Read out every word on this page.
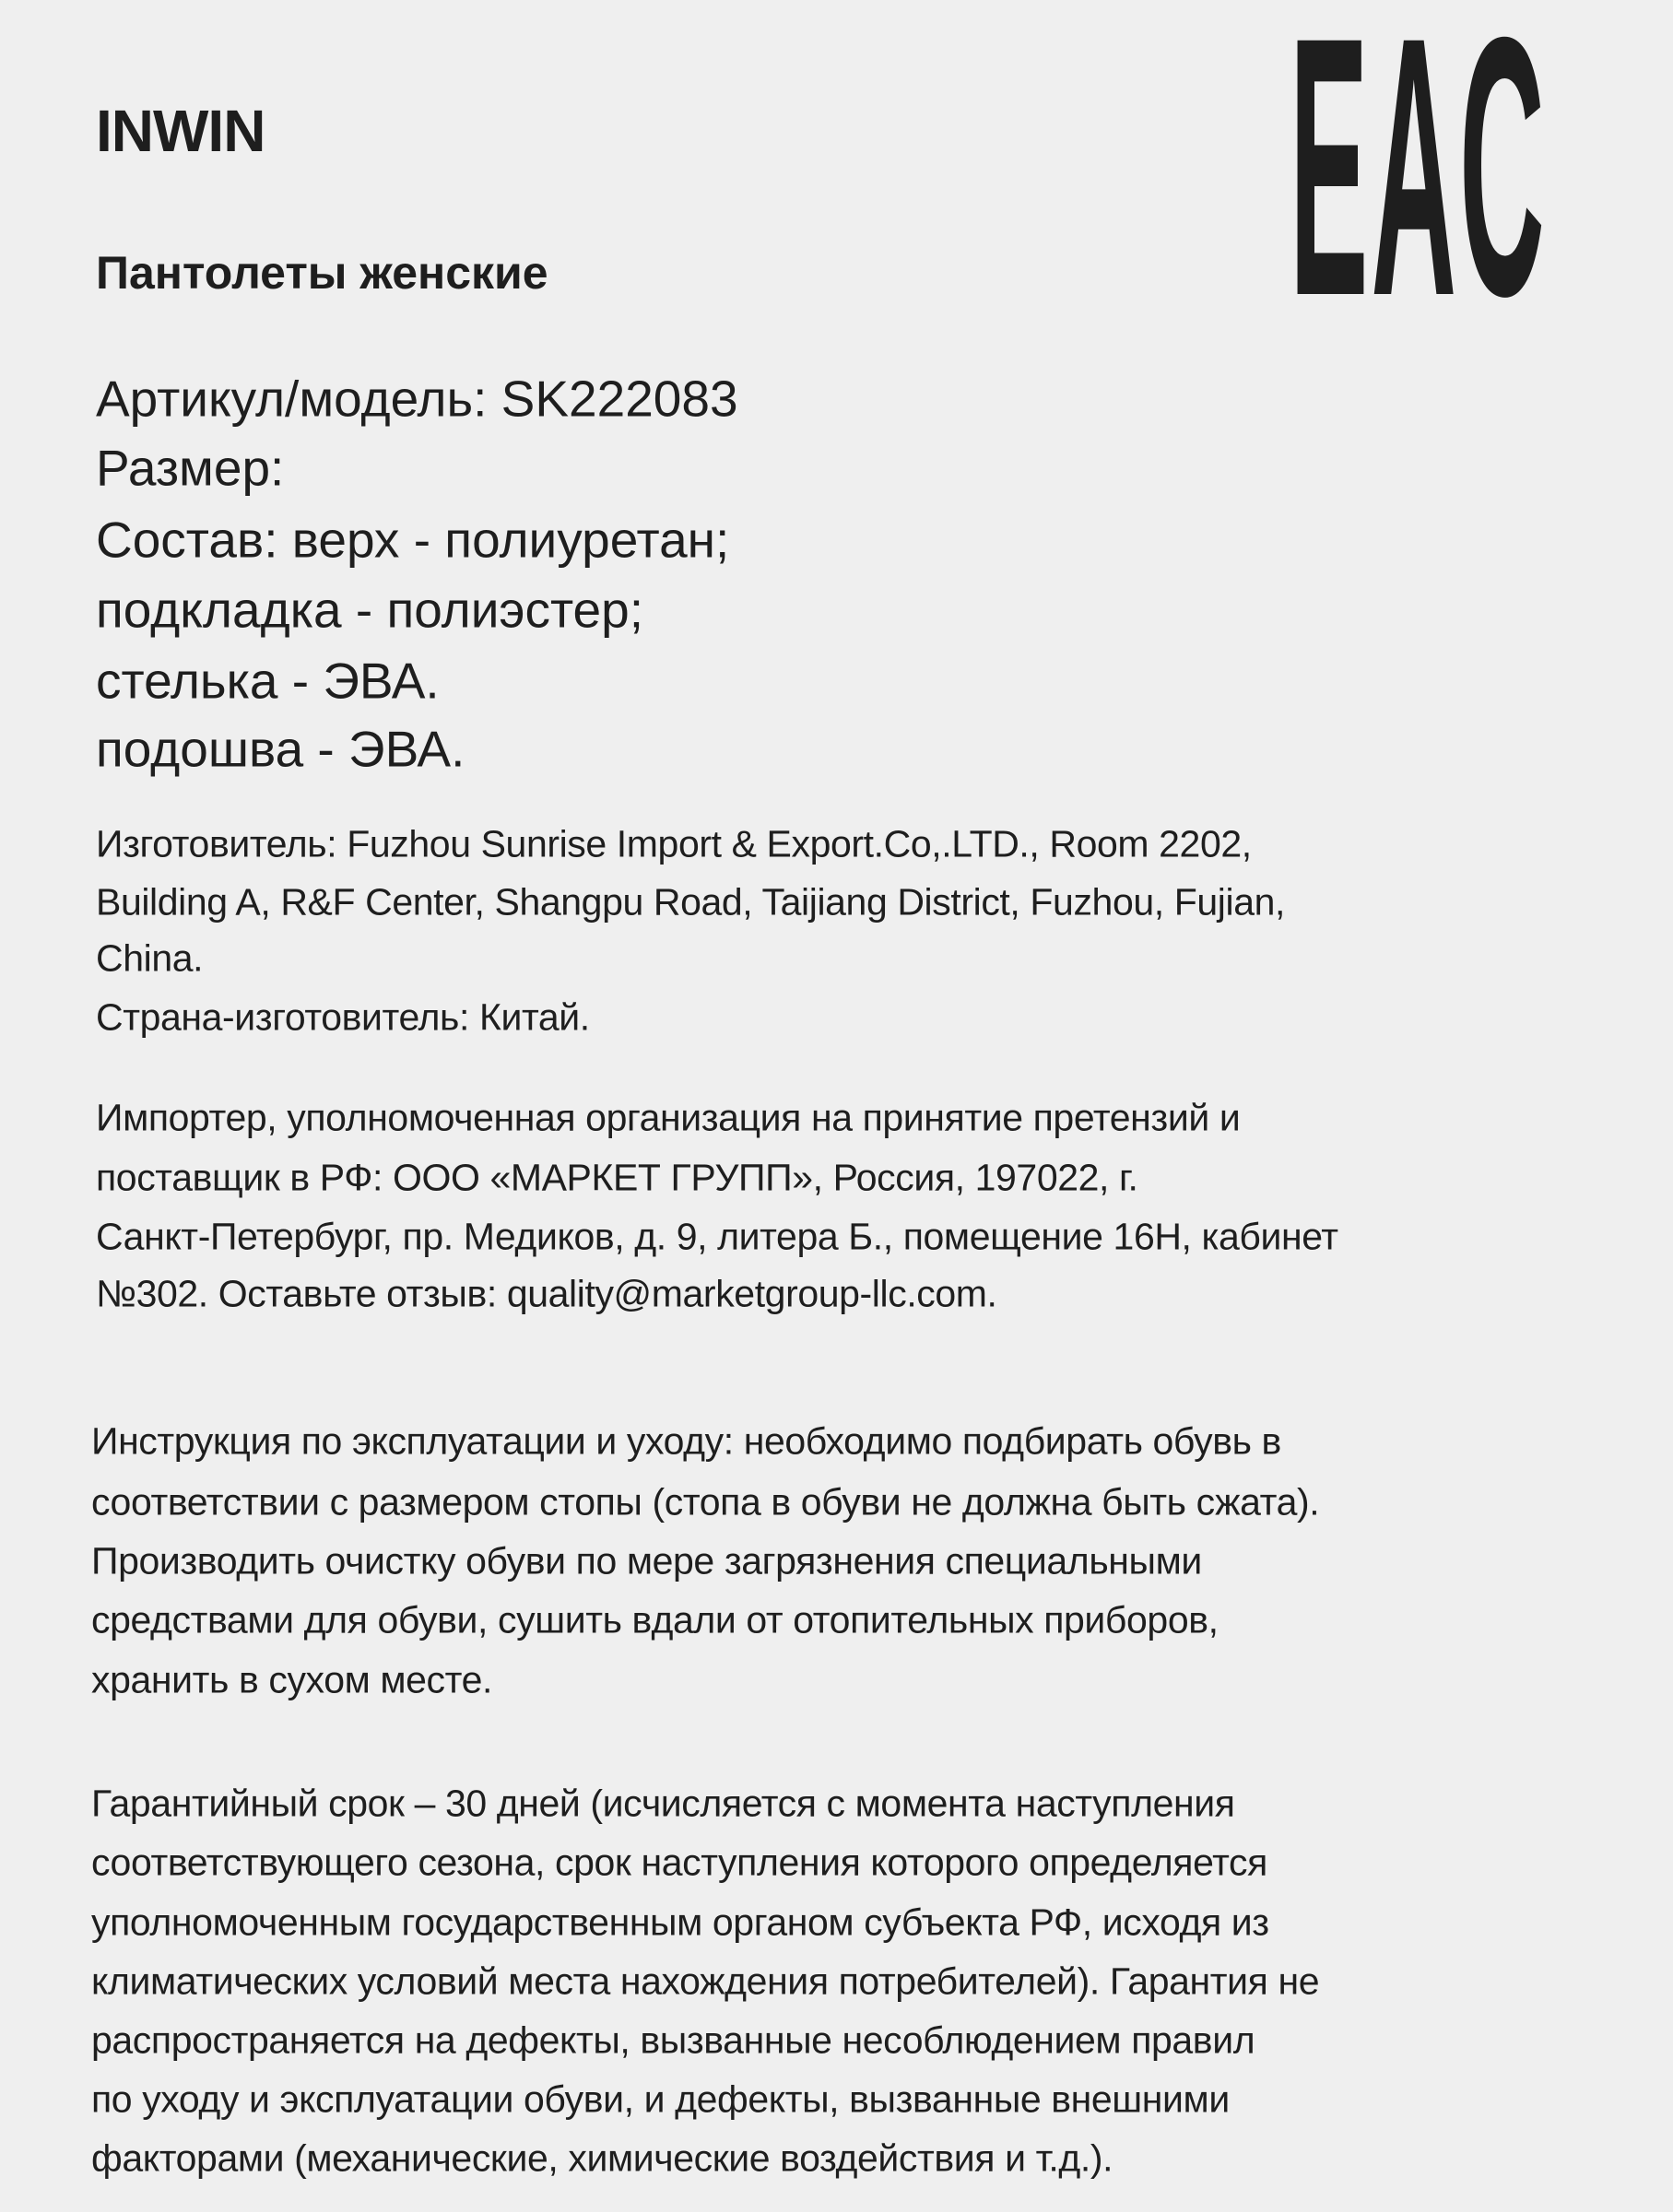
INWIN
Пантолеты женские EAC
Артикул/модель: SK222083
Размер:
Состав: верх - полиуретан;
подкладка - полиэстер;
стелька - ЭВА.
подошва - ЭВА.
Изготовитель: Fuzhou Sunrise Import & Export.Co,.LTD., Room 2202,
Building A, R&F Center, Shangpu Road, Taijiang District, Fuzhou, Fujian,
China.
Страна-изготовитель: Китай.
Импортер, уполномоченная организация на принятие претензий и
поставщик в РФ: ООО «МАРКЕТ ГРУПП», Россия, 197022, г.
Санкт-Петербург, пр. Медиков, д. 9, литера Б., помещение 16Н, кабинет
№302. Оставьте отзыв: quality@marketgroup-llc.com.
Инструкция по эксплуатации и уходу: необходимо подбирать обувь в
соответствии с размером стопы (стопа в обуви не должна быть сжата).
Производить очистку обуви по мере загрязнения специальными
средствами для обуви, сушить вдали от отопительных приборов,
хранить в сухом месте.
Гарантийный срок – 30 дней (исчисляется с момента наступления
соответствующего сезона, срок наступления которого определяется
уполномоченным государственным органом субъекта РФ, исходя из
климатических условий места нахождения потребителей). Гарантия не
распространяется на дефекты, вызванные несоблюдением правил
по уходу и эксплуатации обуви, и дефекты, вызванные внешними
факторами (механические, химические воздействия и т.д.).
